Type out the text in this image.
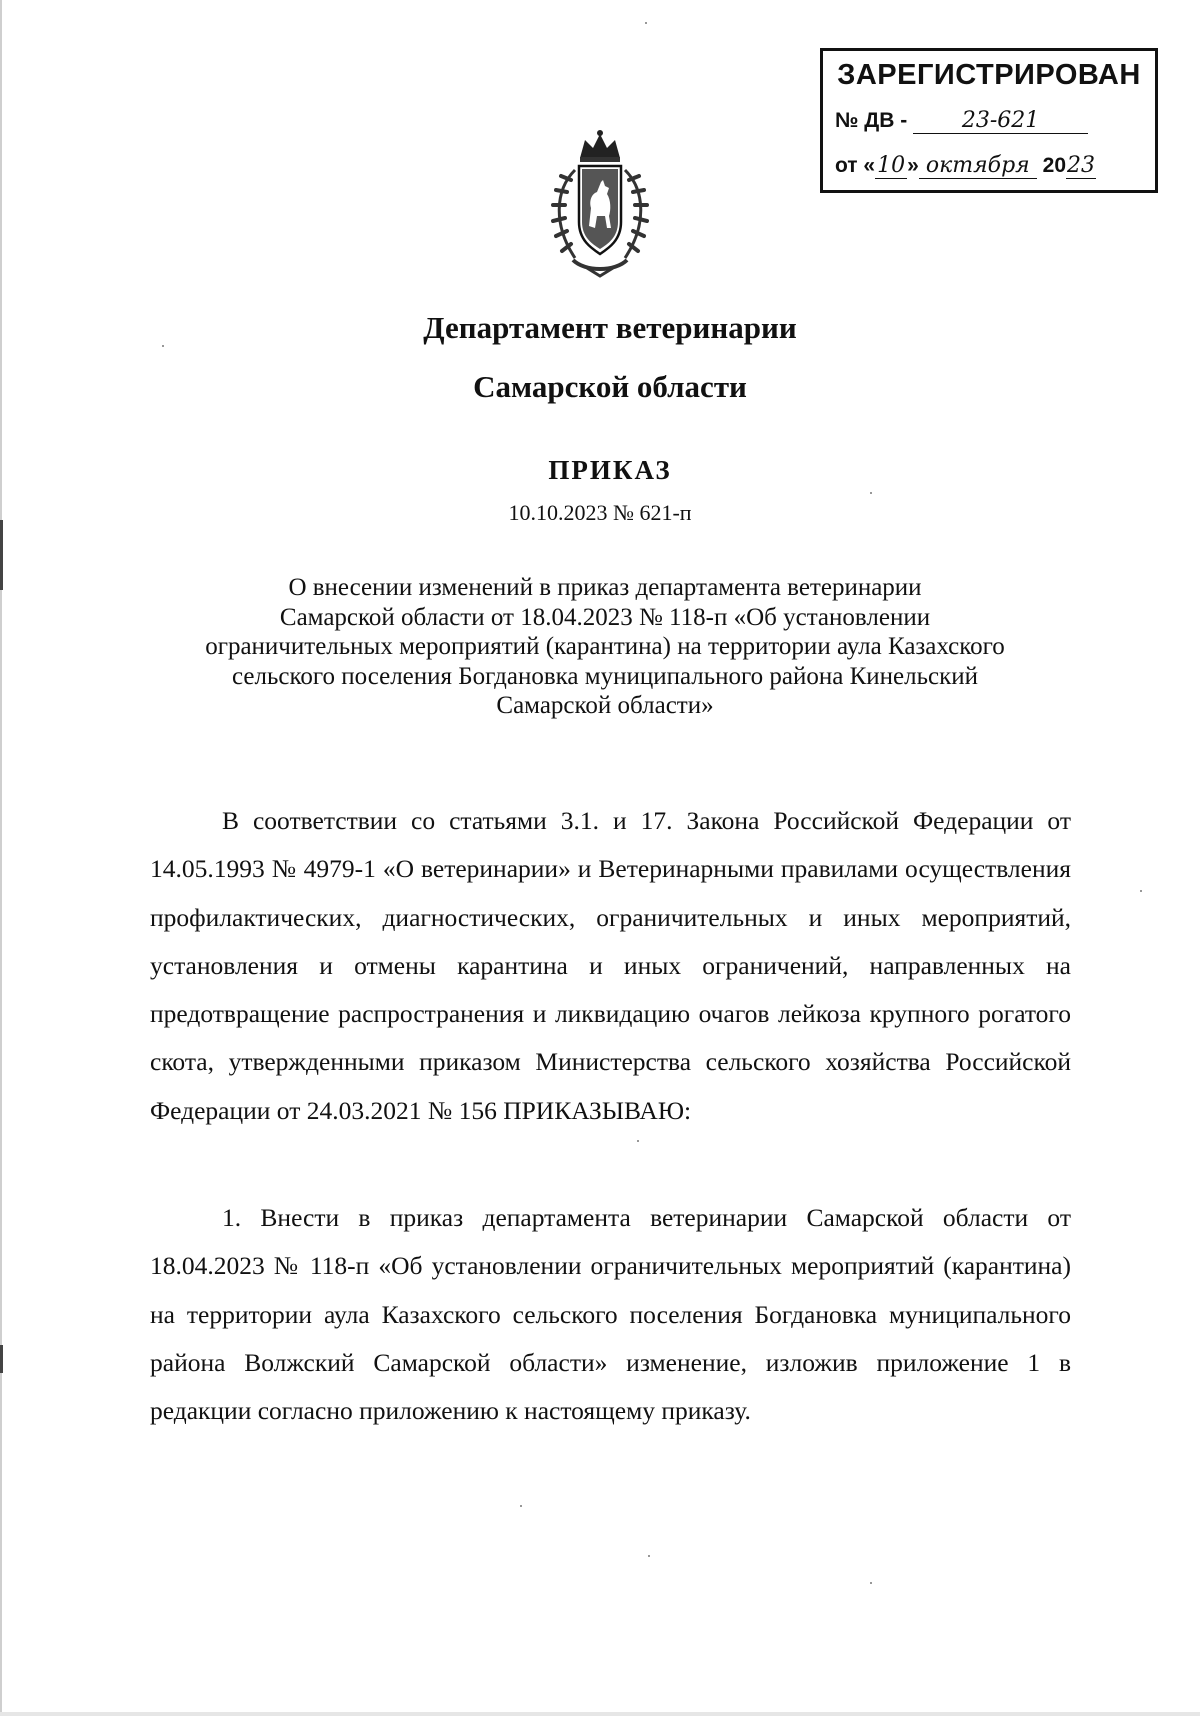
ЗАРЕГИСТРИРОВАН
№ ДВ - 23-621
от «10» октября 2023
Департамент ветеринарии
Самарской области
ПРИКАЗ
10.10.2023 № 621-п
О внесении изменений в приказ департамента ветеринарии
Самарской области от 18.04.2023 № 118-п «Об установлении
ограничительных мероприятий (карантина) на территории аула Казахского
сельского поселения Богдановка муниципального района Кинельский
Самарской области»
В соответствии со статьями 3.1. и 17. Закона Российской Федерации от 14.05.1993 № 4979-1 «О ветеринарии» и Ветеринарными правилами осуществления профилактических, диагностических, ограничительных и иных мероприятий, установления и отмены карантина и иных ограничений, направленных на предотвращение распространения и ликвидацию очагов лейкоза крупного рогатого скота, утвержденными приказом Министерства сельского хозяйства Российской Федерации от 24.03.2021 № 156 ПРИКАЗЫВАЮ:
1. Внести в приказ департамента ветеринарии Самарской области от 18.04.2023 № 118-п «Об установлении ограничительных мероприятий (карантина) на территории аула Казахского сельского поселения Богдановка муниципального района Волжский Самарской области» изменение, изложив приложение 1 в редакции согласно приложению к настоящему приказу.
